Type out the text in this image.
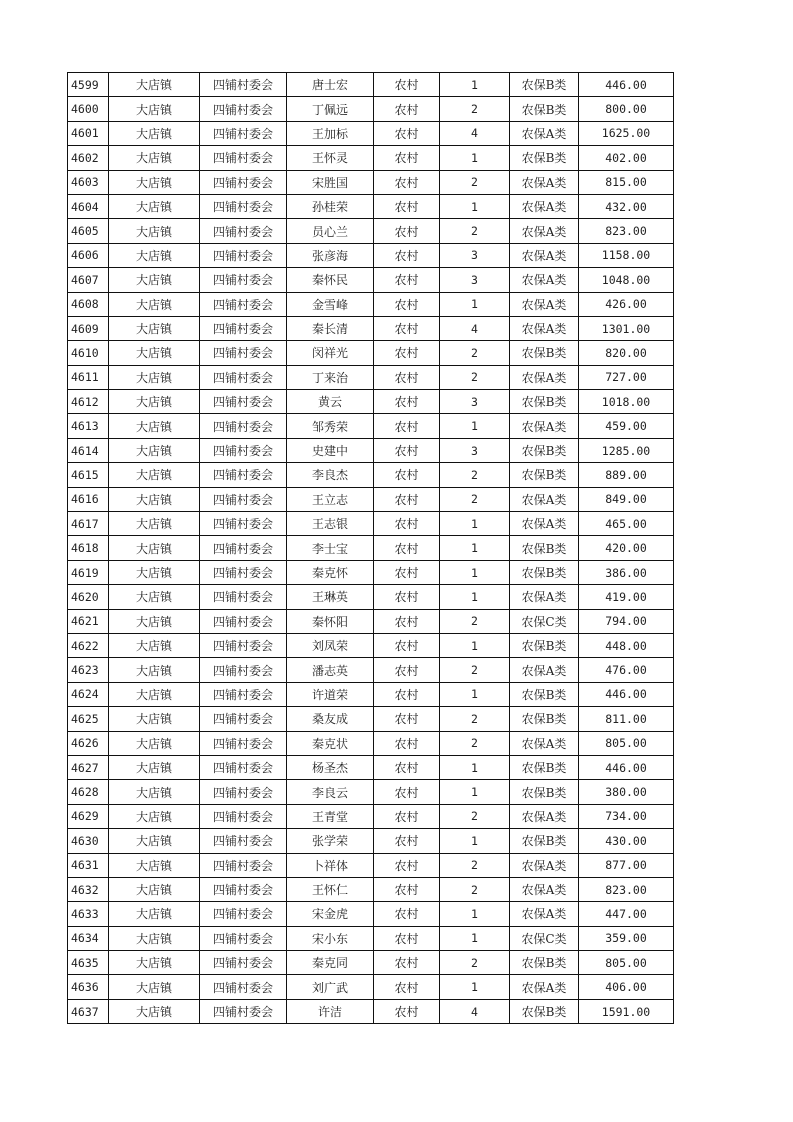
4599	大店镇	四铺村委会	唐士宏	农村	1	农保B类	446.00
4600	大店镇	四铺村委会	丁佩远	农村	2	农保B类	800.00
4601	大店镇	四铺村委会	王加标	农村	4	农保A类	1625.00
4602	大店镇	四铺村委会	王怀灵	农村	1	农保B类	402.00
4603	大店镇	四铺村委会	宋胜国	农村	2	农保A类	815.00
4604	大店镇	四铺村委会	孙桂荣	农村	1	农保A类	432.00
4605	大店镇	四铺村委会	员心兰	农村	2	农保A类	823.00
4606	大店镇	四铺村委会	张彦海	农村	3	农保A类	1158.00
4607	大店镇	四铺村委会	秦怀民	农村	3	农保A类	1048.00
4608	大店镇	四铺村委会	金雪峰	农村	1	农保A类	426.00
4609	大店镇	四铺村委会	秦长清	农村	4	农保A类	1301.00
4610	大店镇	四铺村委会	闵祥光	农村	2	农保B类	820.00
4611	大店镇	四铺村委会	丁来治	农村	2	农保A类	727.00
4612	大店镇	四铺村委会	黄云	农村	3	农保B类	1018.00
4613	大店镇	四铺村委会	邹秀荣	农村	1	农保A类	459.00
4614	大店镇	四铺村委会	史建中	农村	3	农保B类	1285.00
4615	大店镇	四铺村委会	李良杰	农村	2	农保B类	889.00
4616	大店镇	四铺村委会	王立志	农村	2	农保A类	849.00
4617	大店镇	四铺村委会	王志银	农村	1	农保A类	465.00
4618	大店镇	四铺村委会	李士宝	农村	1	农保B类	420.00
4619	大店镇	四铺村委会	秦克怀	农村	1	农保B类	386.00
4620	大店镇	四铺村委会	王琳英	农村	1	农保A类	419.00
4621	大店镇	四铺村委会	秦怀阳	农村	2	农保C类	794.00
4622	大店镇	四铺村委会	刘凤荣	农村	1	农保B类	448.00
4623	大店镇	四铺村委会	潘志英	农村	2	农保A类	476.00
4624	大店镇	四铺村委会	许道荣	农村	1	农保B类	446.00
4625	大店镇	四铺村委会	桑友成	农村	2	农保B类	811.00
4626	大店镇	四铺村委会	秦克状	农村	2	农保A类	805.00
4627	大店镇	四铺村委会	杨圣杰	农村	1	农保B类	446.00
4628	大店镇	四铺村委会	李良云	农村	1	农保B类	380.00
4629	大店镇	四铺村委会	王青堂	农村	2	农保A类	734.00
4630	大店镇	四铺村委会	张学荣	农村	1	农保B类	430.00
4631	大店镇	四铺村委会	卜祥体	农村	2	农保A类	877.00
4632	大店镇	四铺村委会	王怀仁	农村	2	农保A类	823.00
4633	大店镇	四铺村委会	宋金虎	农村	1	农保A类	447.00
4634	大店镇	四铺村委会	宋小东	农村	1	农保C类	359.00
4635	大店镇	四铺村委会	秦克同	农村	2	农保B类	805.00
4636	大店镇	四铺村委会	刘广武	农村	1	农保A类	406.00
4637	大店镇	四铺村委会	许洁	农村	4	农保B类	1591.00
